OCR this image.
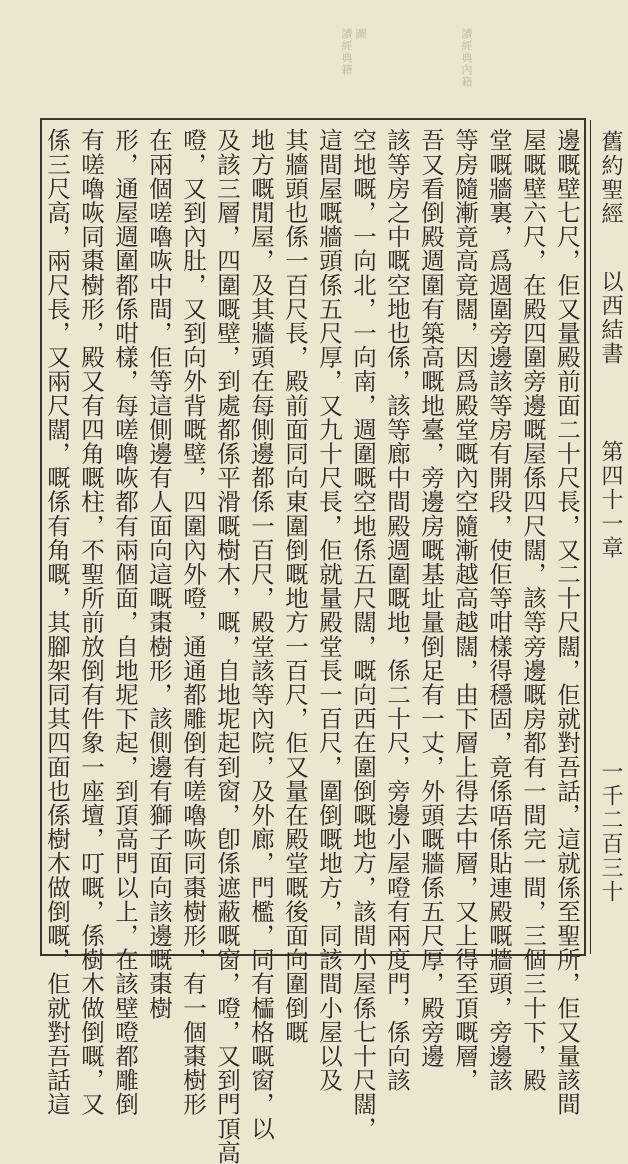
讀經典內籍
圖
讀經典籍
舊約聖經
以西結書
第四十一章
一千二百三十
邊嘅壁七尺，佢又量殿前面二十尺長，又二十尺闊，佢就對吾話，這就係至聖所，佢又量該間
屋嘅壁六尺，在殿四圍旁邊嘅屋係四尺闊，該等旁邊嘅房都有一間完一間，三個三十下，殿
堂嘅牆裏，爲週圍旁邊該等房有開段，使佢等咁樣得穩固，竟係唔係貼連殿嘅牆頭，旁邊該
等房隨漸竟高竟闊，因爲殿堂嘅內空隨漸越高越闊，由下層上得去中層，又上得至頂嘅層，
吾又看倒殿週圍有築高嘅地臺，旁邊房嘅基址量倒足有一丈，外頭嘅牆係五尺厚，殿旁邊
該等房之中嘅空地也係，該等廊中間殿週圍嘅地，係二十尺，旁邊小屋噔有兩度門，係向該
空地嘅，一向北，一向南，週圍嘅空地係五尺闊，嘅向西在圍倒嘅地方，該間小屋係七十尺闊，
這間屋嘅牆頭係五尺厚，又九十尺長，佢就量殿堂長一百尺，圍倒嘅地方，同該間小屋以及
其牆頭也係一百尺長，殿前面同向東圍倒嘅地方一百尺，佢又量在殿堂嘅後面向圍倒嘅
地方嘅閒屋，及其牆頭在每側邊都係一百尺，殿堂該等內院，及外廊，門檻，同有櫺格嘅窗，以
及該三層，四圍嘅壁，到處都係平滑嘅樹木，嘅，自地坭起到窗，卽係遮蔽嘅窗，噔，又到門頂高
噔，又到內肚，又到向外背嘅壁，四圍內外噔，通通都雕倒有嗟嚕咴同棗樹形，有一個棗樹形
在兩個嗟嚕咴中間，佢等這側邊有人面向這嘅棗樹形，該側邊有獅子面向該邊嘅棗樹
形，通屋週圍都係咁樣，每嗟嚕咴都有兩個面，自地坭下起，到頂高門以上，在該壁噔都雕倒
有嗟嚕咴同棗樹形，殿又有四角嘅柱，不聖所前放倒有件象一座壇，叮嘅，係樹木做倒嘅，又
係三尺高，兩尺長，又兩尺闊，嘅係有角嘅，其腳架同其四面也係樹木做倒嘅，佢就對吾話這
